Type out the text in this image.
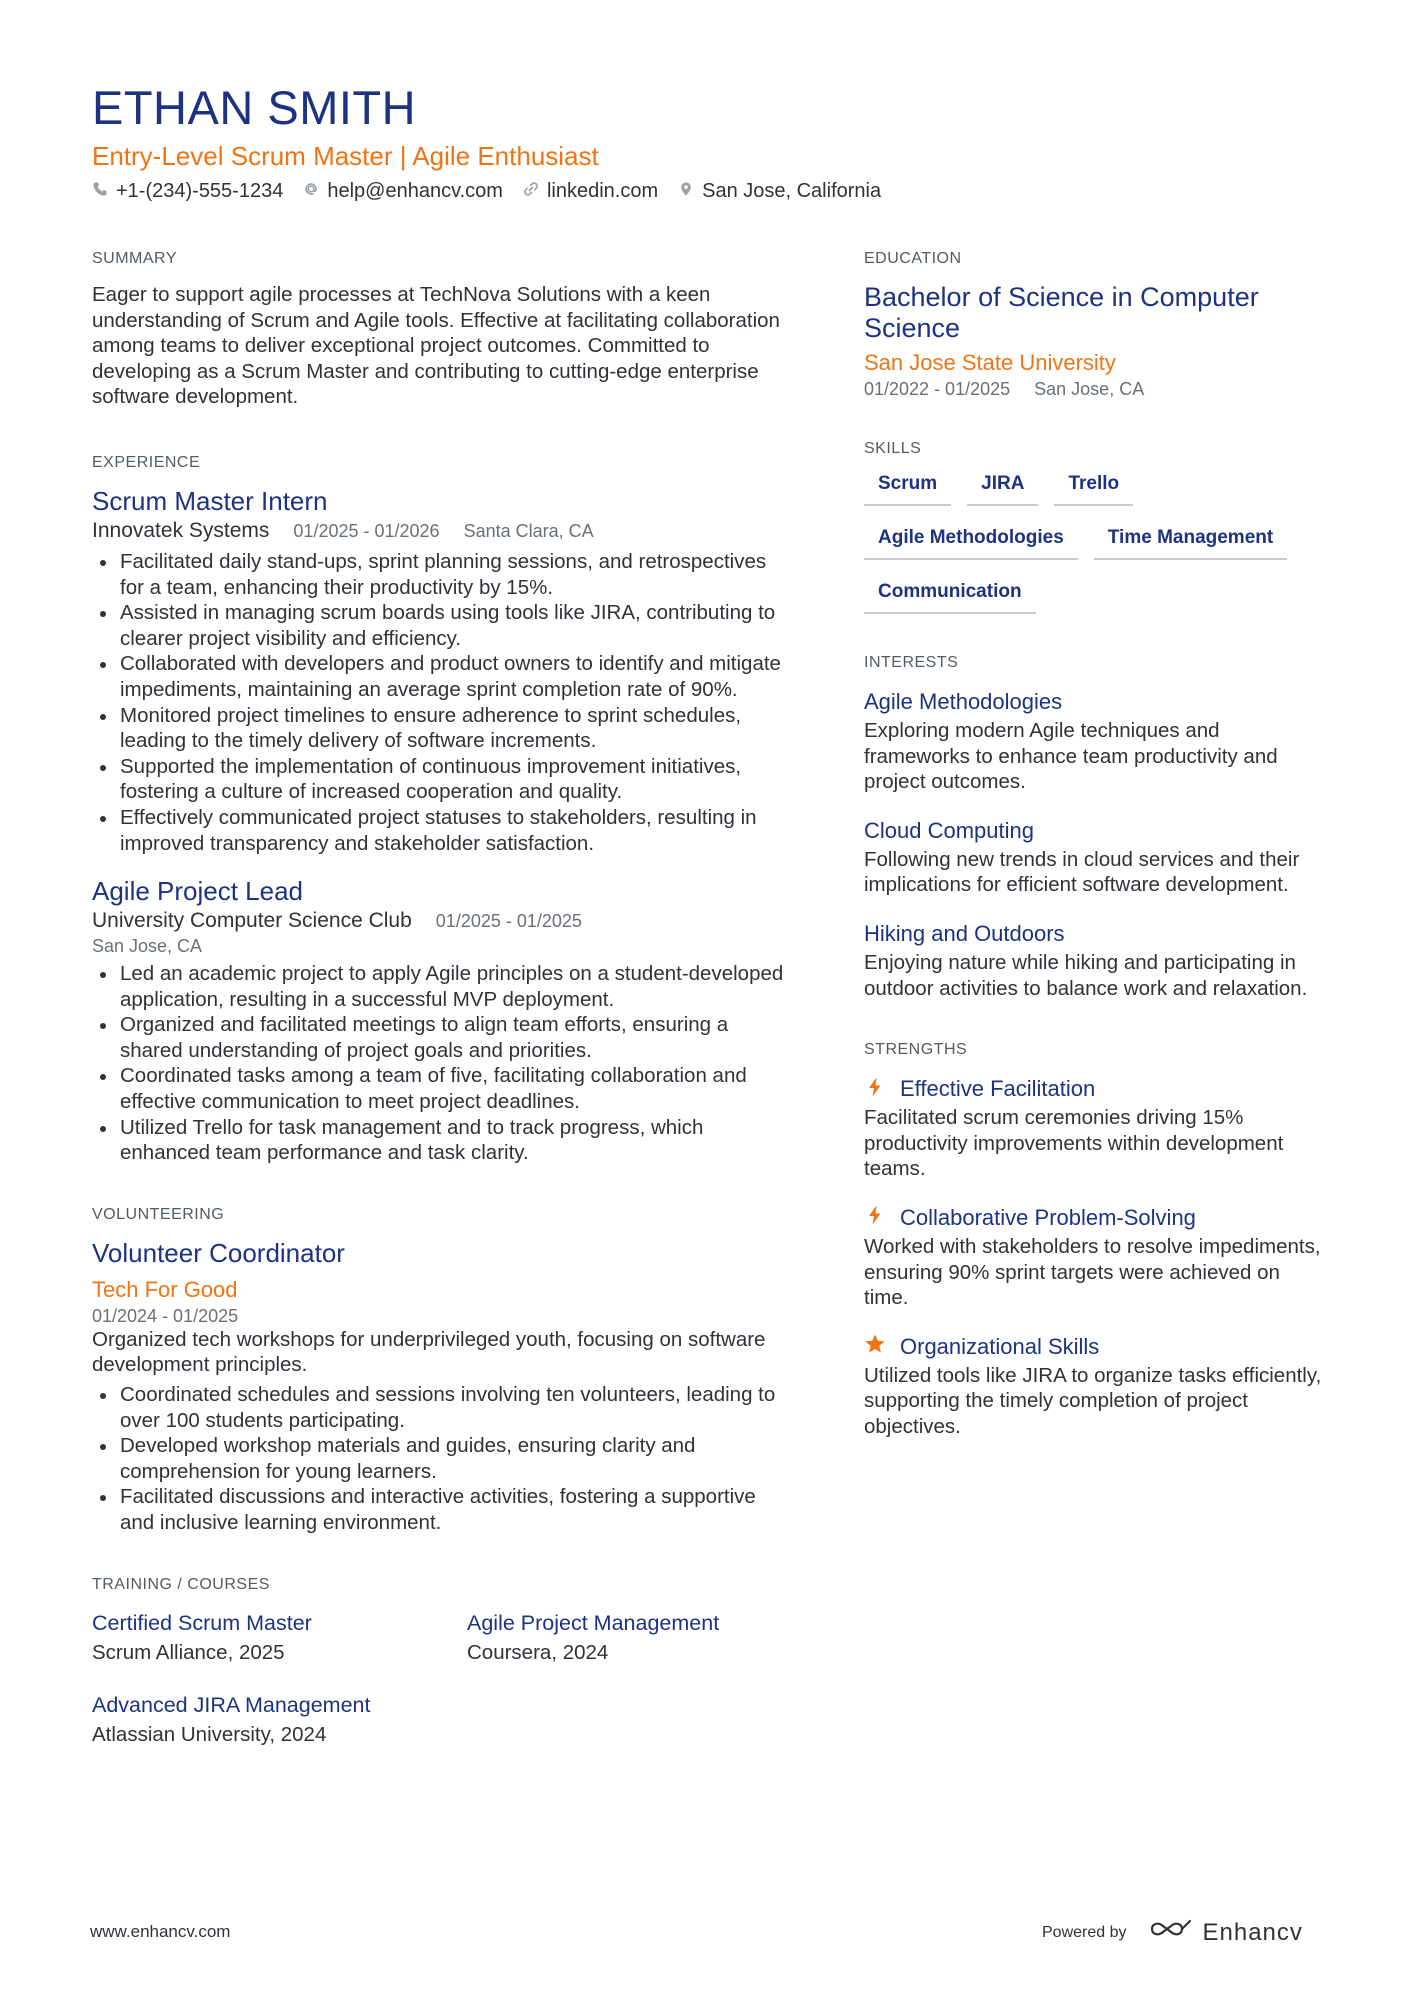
ETHAN SMITH
Entry-Level Scrum Master | Agile Enthusiast
+1-(234)-555-1234 help@enhancv.com linkedin.com San Jose, California
SUMMARY
Eager to support agile processes at TechNova Solutions with a keen understanding of Scrum and Agile tools. Effective at facilitating collaboration among teams to deliver exceptional project outcomes. Committed to developing as a Scrum Master and contributing to cutting-edge enterprise software development.
EXPERIENCE
Scrum Master Intern
Innovatek Systems 01/2025 - 01/2026 Santa Clara, CA
Facilitated daily stand-ups, sprint planning sessions, and retrospectives for a team, enhancing their productivity by 15%.
Assisted in managing scrum boards using tools like JIRA, contributing to clearer project visibility and efficiency.
Collaborated with developers and product owners to identify and mitigate impediments, maintaining an average sprint completion rate of 90%.
Monitored project timelines to ensure adherence to sprint schedules, leading to the timely delivery of software increments.
Supported the implementation of continuous improvement initiatives, fostering a culture of increased cooperation and quality.
Effectively communicated project statuses to stakeholders, resulting in improved transparency and stakeholder satisfaction.
Agile Project Lead
University Computer Science Club 01/2025 - 01/2025
San Jose, CA
Led an academic project to apply Agile principles on a student-developed application, resulting in a successful MVP deployment.
Organized and facilitated meetings to align team efforts, ensuring a shared understanding of project goals and priorities.
Coordinated tasks among a team of five, facilitating collaboration and effective communication to meet project deadlines.
Utilized Trello for task management and to track progress, which enhanced team performance and task clarity.
VOLUNTEERING
Volunteer Coordinator
Tech For Good
01/2024 - 01/2025
Organized tech workshops for underprivileged youth, focusing on software development principles.
Coordinated schedules and sessions involving ten volunteers, leading to over 100 students participating.
Developed workshop materials and guides, ensuring clarity and comprehension for young learners.
Facilitated discussions and interactive activities, fostering a supportive and inclusive learning environment.
TRAINING / COURSES
Certified Scrum Master
Scrum Alliance, 2025
Agile Project Management
Coursera, 2024
Advanced JIRA Management
Atlassian University, 2024
EDUCATION
Bachelor of Science in Computer Science
San Jose State University
01/2022 - 01/2025 San Jose, CA
SKILLS
Scrum	JIRA	Trello
Agile Methodologies	Time Management
Communication
INTERESTS
Agile Methodologies
Exploring modern Agile techniques and frameworks to enhance team productivity and project outcomes.
Cloud Computing
Following new trends in cloud services and their implications for efficient software development.
Hiking and Outdoors
Enjoying nature while hiking and participating in outdoor activities to balance work and relaxation.
STRENGTHS
Effective Facilitation
Facilitated scrum ceremonies driving 15% productivity improvements within development teams.
Collaborative Problem-Solving
Worked with stakeholders to resolve impediments, ensuring 90% sprint targets were achieved on time.
Organizational Skills
Utilized tools like JIRA to organize tasks efficiently, supporting the timely completion of project objectives.
www.enhancv.com	Powered by	Enhancv
